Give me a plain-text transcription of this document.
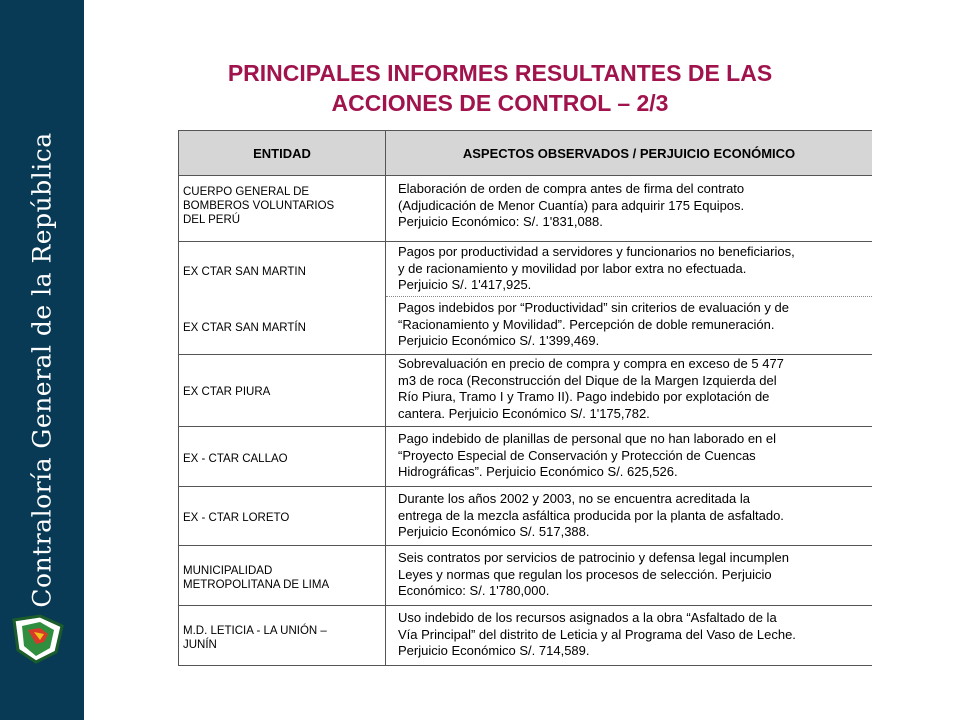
Contraloría General de la República
PRINCIPALES INFORMES RESULTANTES DE LAS
ACCIONES DE CONTROL – 2/3
ENTIDAD	ASPECTOS OBSERVADOS / PERJUICIO ECONÓMICO
CUERPO GENERAL DE
BOMBEROS VOLUNTARIOS
DEL PERÚ
Elaboración de orden de compra antes de firma del contrato
(Adjudicación de Menor Cuantía) para adquirir 175 Equipos.
Perjuicio Económico: S/. 1'831,088.
EX CTAR SAN MARTIN
EX CTAR SAN MARTÍN
Pagos por productividad a servidores y funcionarios no beneficiarios,
y de racionamiento y movilidad por labor extra no efectuada.
Perjuicio S/. 1'417,925.
Pagos indebidos por “Productividad” sin criterios de evaluación y de
“Racionamiento y Movilidad”. Percepción de doble remuneración.
Perjuicio Económico S/. 1'399,469.
EX CTAR PIURA
Sobrevaluación en precio de compra y compra en exceso de 5 477
m3 de roca (Reconstrucción del Dique de la Margen Izquierda del
Río Piura, Tramo I y Tramo II). Pago indebido por explotación de
cantera. Perjuicio Económico S/. 1'175,782.
EX - CTAR CALLAO
Pago indebido de planillas de personal que no han laborado en el
“Proyecto Especial de Conservación y Protección de Cuencas
Hidrográficas”. Perjuicio Económico S/. 625,526.
EX - CTAR LORETO
Durante los años 2002 y 2003, no se encuentra acreditada la
entrega de la mezcla asfáltica producida por la planta de asfaltado.
Perjuicio Económico S/. 517,388.
MUNICIPALIDAD
METROPOLITANA DE LIMA
Seis contratos por servicios de patrocinio y defensa legal incumplen
Leyes y normas que regulan los procesos de selección. Perjuicio
Económico: S/. 1'780,000.
M.D. LETICIA - LA UNIÓN –
JUNÍN
Uso indebido de los recursos asignados a la obra “Asfaltado de la
Vía Principal” del distrito de Leticia y al Programa del Vaso de Leche.
Perjuicio Económico S/. 714,589.
